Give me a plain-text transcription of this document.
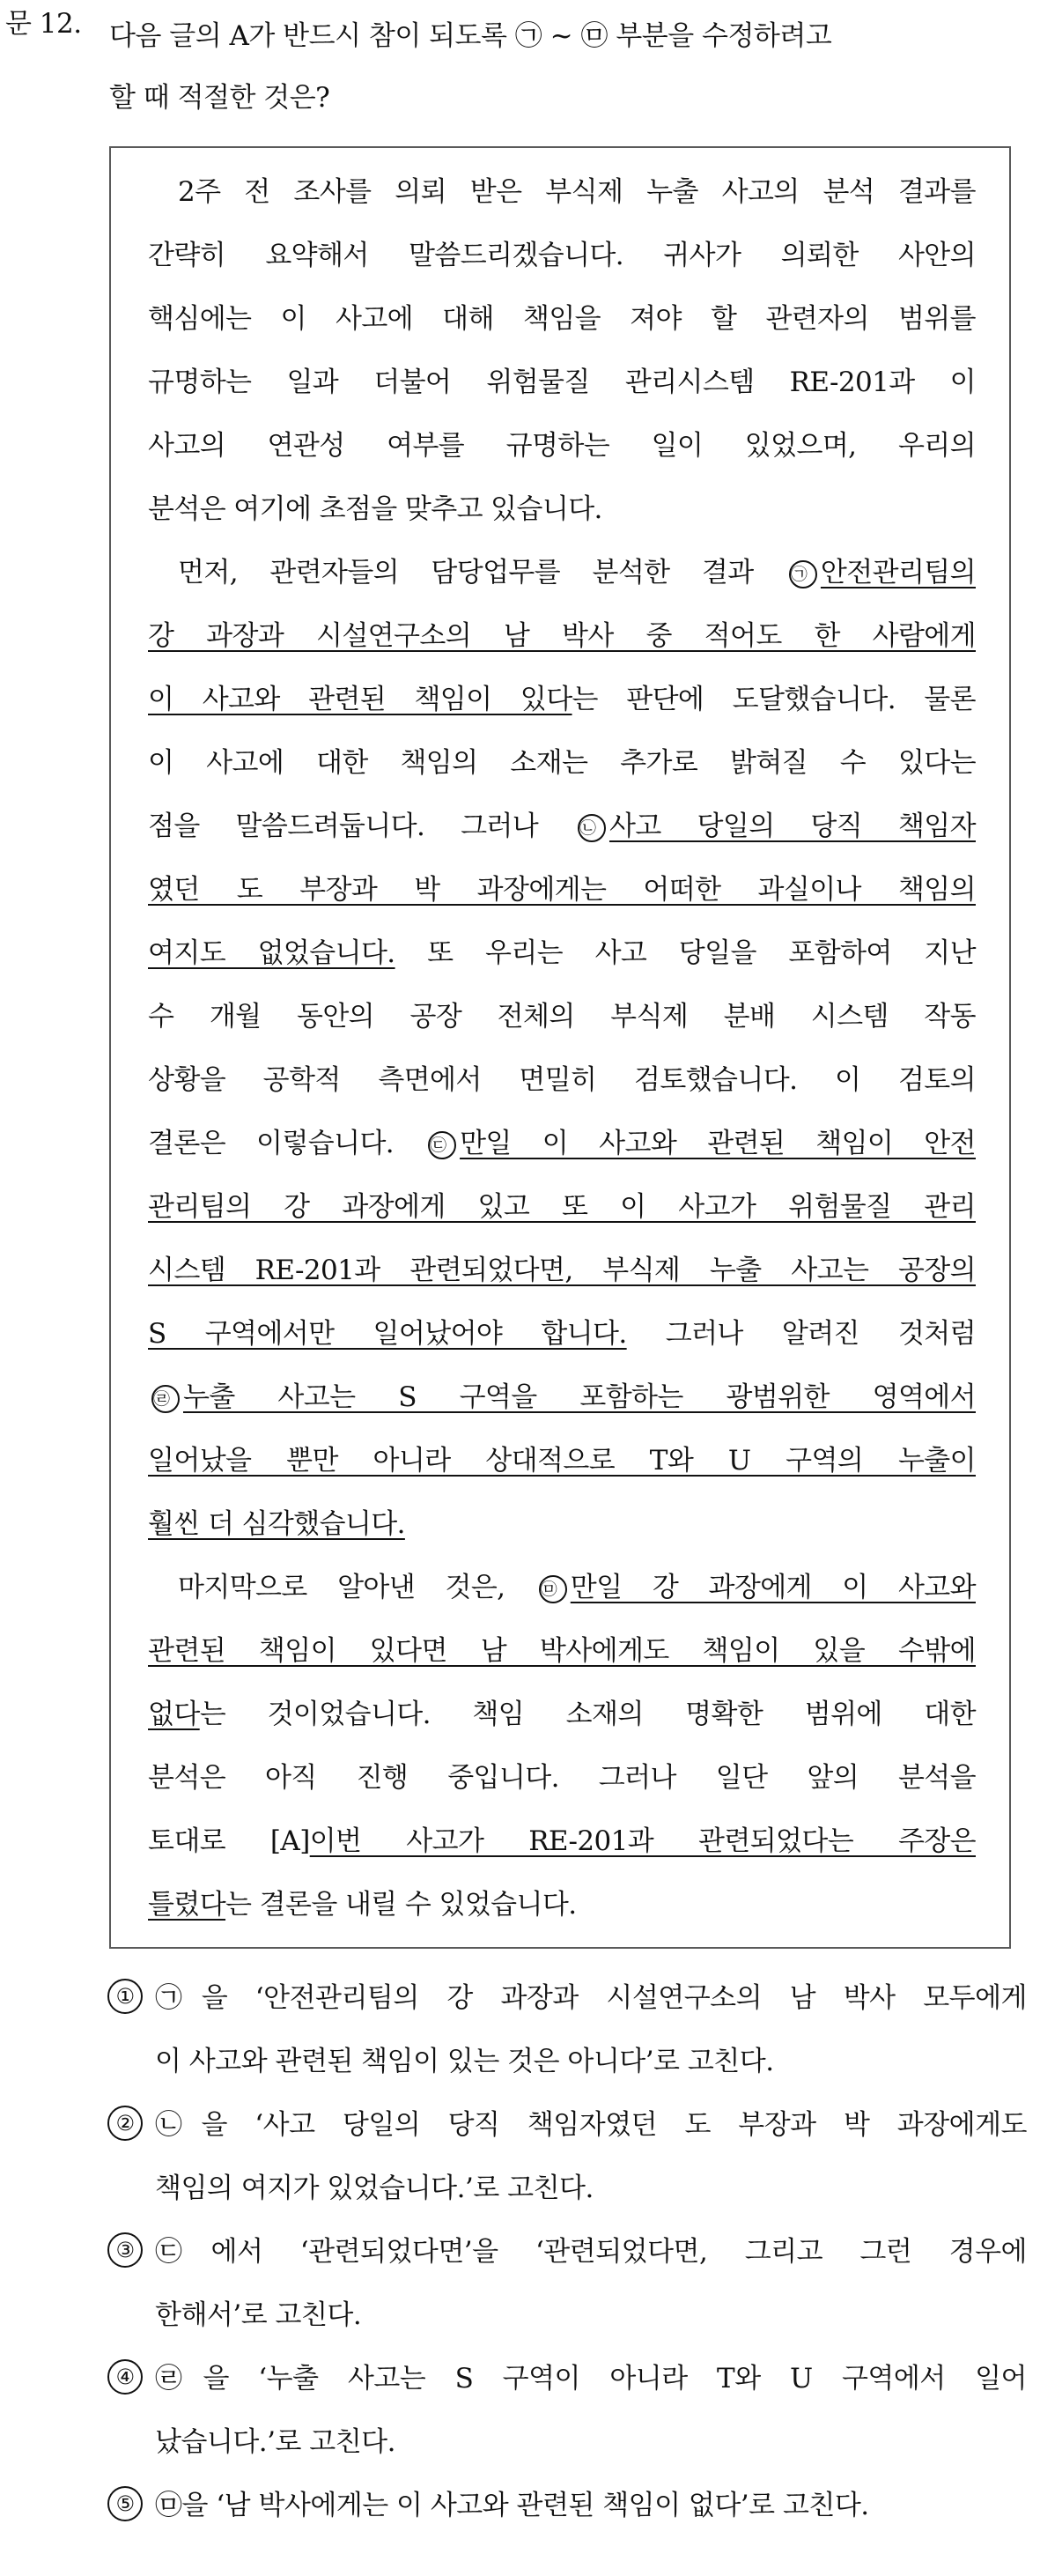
문 12. 다음 글의 A가 반드시 참이 되도록 ㉠ ~ ㉤ 부분을 수정하려고
할 때 적절한 것은?
2주 전 조사를 의뢰 받은 부식제 누출 사고의 분석 결과를
간략히 요약해서 말씀드리겠습니다. 귀사가 의뢰한 사안의
핵심에는 이 사고에 대해 책임을 져야 할 관련자의 범위를
규명하는 일과 더불어 위험물질 관리시스템 RE-201과 이
사고의 연관성 여부를 규명하는 일이 있었으며, 우리의
분석은 여기에 초점을 맞추고 있습니다.
먼저, 관련자들의 담당업무를 분석한 결과 ㉠ 안전관리팀의
강 과장과 시설연구소의 남 박사 중 적어도 한 사람에게
이 사고와 관련된 책임이 있다는 판단에 도달했습니다. 물론
이 사고에 대한 책임의 소재는 추가로 밝혀질 수 있다는
점을 말씀드려둡니다. 그러나 ㉡ 사고 당일의 당직 책임자
였던 도 부장과 박 과장에게는 어떠한 과실이나 책임의
여지도 없었습니다. 또 우리는 사고 당일을 포함하여 지난
수 개월 동안의 공장 전체의 부식제 분배 시스템 작동
상황을 공학적 측면에서 면밀히 검토했습니다. 이 검토의
결론은 이렇습니다. ㉢ 만일 이 사고와 관련된 책임이 안전
관리팀의 강 과장에게 있고 또 이 사고가 위험물질 관리
시스템 RE-201과 관련되었다면, 부식제 누출 사고는 공장의
S 구역에서만 일어났어야 합니다. 그러나 알려진 것처럼
㉣ 누출 사고는 S 구역을 포함하는 광범위한 영역에서
일어났을 뿐만 아니라 상대적으로 T와 U 구역의 누출이
훨씬 더 심각했습니다.
마지막으로 알아낸 것은, ㉤ 만일 강 과장에게 이 사고와
관련된 책임이 있다면 남 박사에게도 책임이 있을 수밖에
없다는 것이었습니다. 책임 소재의 명확한 범위에 대한
분석은 아직 진행 중입니다. 그러나 일단 앞의 분석을
토대로 [A]이번 사고가 RE-201과 관련되었다는 주장은
틀렸다는 결론을 내릴 수 있었습니다.
① ㉠을 ‘안전관리팀의 강 과장과 시설연구소의 남 박사 모두에게
이 사고와 관련된 책임이 있는 것은 아니다’로 고친다.
② ㉡을 ‘사고 당일의 당직 책임자였던 도 부장과 박 과장에게도
책임의 여지가 있었습니다.’로 고친다.
③ ㉢에서 ‘관련되었다면’을 ‘관련되었다면, 그리고 그런 경우에
한해서’로 고친다.
④ ㉣을 ‘누출 사고는 S 구역이 아니라 T와 U 구역에서 일어
났습니다.’로 고친다.
⑤ ㉤을 ‘남 박사에게는 이 사고와 관련된 책임이 없다’로 고친다.
